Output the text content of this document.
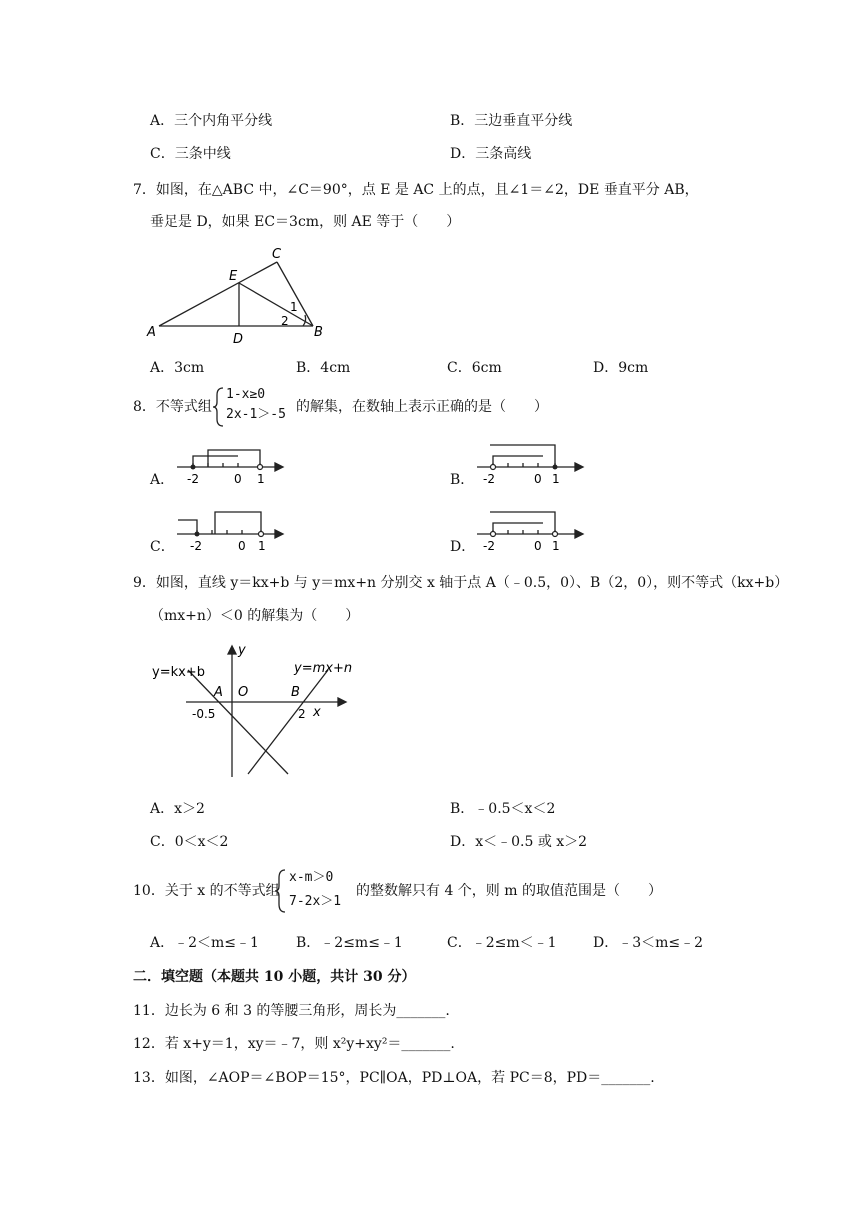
A．三个内角平分线	B．三边垂直平分线
C．三条中线	D．三条高线
7．如图，在△ABC 中，∠C＝90°，点 E 是 AC 上的点，且∠1＝∠2，DE 垂直平分 AB，
垂足是 D，如果 EC＝3cm，则 AE 等于（　　）
A	B
C
D
E
1
2
A．3cm	B．4cm	C．6cm	D．9cm
8．不等式组
1-x≥0
2x-1＞-5 的解集，在数轴上表示正确的是（　　）
A． -2	0 1	B． -2	0 1
C． -2	0 1	D． -2	0 1
9．如图，直线 y＝kx+b 与 y＝mx+n 分别交 x 轴于点 A（﹣0.5，0）、B（2，0），则不等式（kx+b）
（mx+n）＜0 的解集为（　　）
y=kx+b	y=mx+n
y
x
A O	B
-0.5	2
A．x＞2	B．﹣0.5＜x＜2
C．0＜x＜2	D．x＜﹣0.5 或 x＞2
10．关于 x 的不等式组
x-m＞0
7-2x＞1
的整数解只有 4 个，则 m 的取值范围是（　　）
A．﹣2＜m≤﹣1	B．﹣2≤m≤﹣1	C．﹣2≤m＜﹣1	D．﹣3＜m≤﹣2
二．填空题（本题共 10 小题，共计 30 分）
11．边长为 6 和 3 的等腰三角形，周长为_______.
12．若 x+y＝1，xy＝﹣7，则 x²y+xy²＝_______.
13．如图，∠AOP＝∠BOP＝15°，PC∥OA，PD⊥OA，若 PC＝8，PD＝_______.
